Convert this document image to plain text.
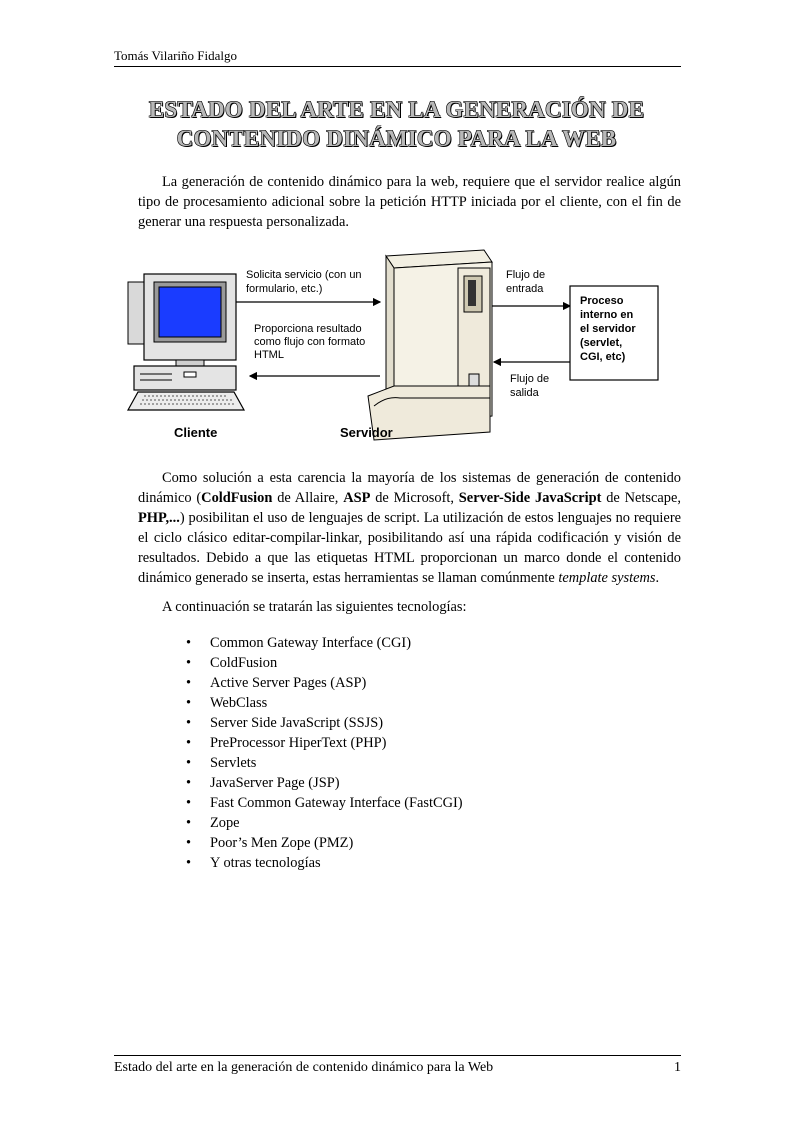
Tomás Vilariño Fidalgo
ESTADO DEL ARTE EN LA GENERACIÓN DE
CONTENIDO DINÁMICO PARA LA WEB

La generación de contenido dinámico para la web, requiere que el servidor realice algún tipo de procesamiento adicional sobre la petición HTTP iniciada por el cliente, con el fin de generar una respuesta personalizada.

Solicita servicio (con un
formulario, etc.)
Proporciona resultado
como flujo con formato
HTML
Flujo de
entrada
Flujo de
salida
Proceso
interno en
el servidor
(servlet,
CGI, etc)
Cliente	Servidor

Como solución a esta carencia la mayoría de los sistemas de generación de contenido dinámico (ColdFusion de Allaire, ASP de Microsoft, Server-Side JavaScript de Netscape, PHP,...) posibilitan el uso de lenguajes de script. La utilización de estos lenguajes no requiere el ciclo clásico editar-compilar-linkar, posibilitando así una rápida codificación y visión de resultados. Debido a que las etiquetas HTML proporcionan un marco donde el contenido dinámico generado se inserta, estas herramientas se llaman comúnmente template systems.

A continuación se tratarán las siguientes tecnologías:

• Common Gateway Interface (CGI)
• ColdFusion
• Active Server Pages (ASP)
• WebClass
• Server Side JavaScript (SSJS)
• PreProcessor HiperText (PHP)
• Servlets
• JavaServer Page (JSP)
• Fast Common Gateway Interface (FastCGI)
• Zope
• Poor’s Men Zope (PMZ)
• Y otras tecnologías
Estado del arte en la generación de contenido dinámico para la Web	1
